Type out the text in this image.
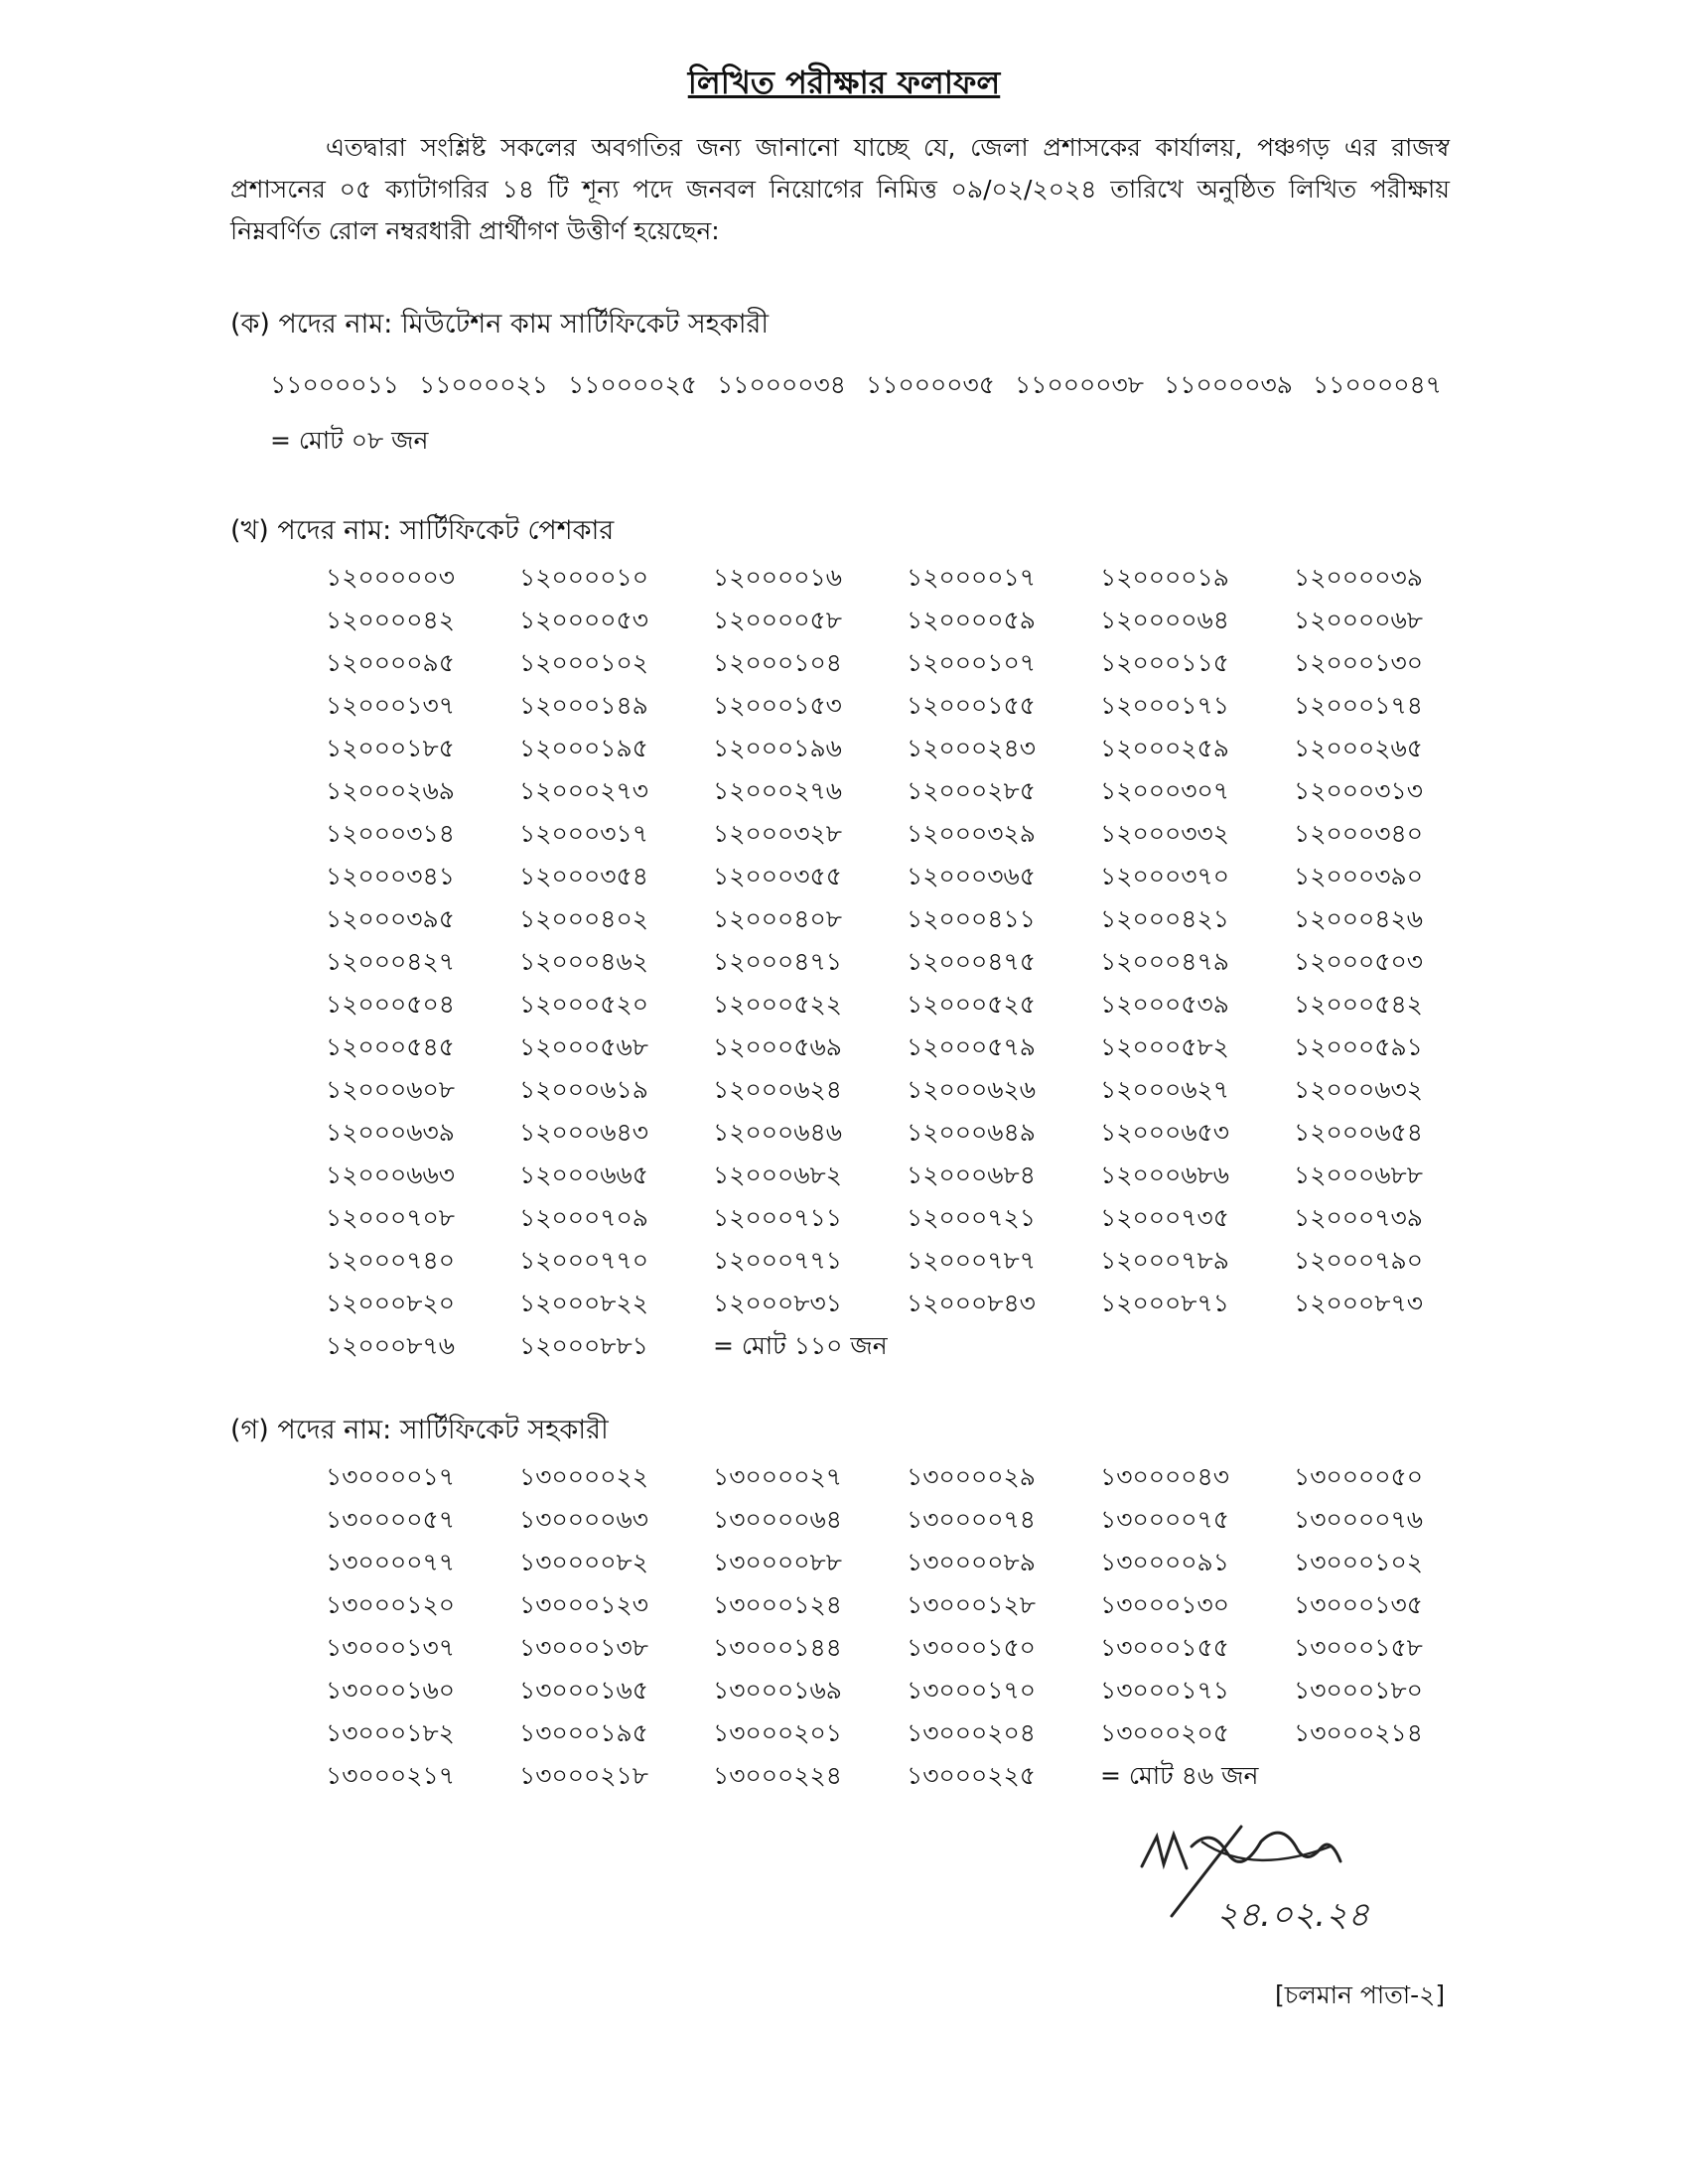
লিখিত পরীক্ষার ফলাফল
এতদ্বারা সংশ্লিষ্ট সকলের অবগতির জন্য জানানো যাচ্ছে যে, জেলা প্রশাসকের কার্যালয়, পঞ্চগড় এর রাজস্ব প্রশাসনের ০৫ ক্যাটাগরির ১৪ টি শূন্য পদে জনবল নিয়োগের নিমিত্ত ০৯/০২/২০২৪ তারিখে অনুষ্ঠিত লিখিত পরীক্ষায় নিম্নবর্ণিত রোল নম্বরধারী প্রার্থীগণ উত্তীর্ণ হয়েছেন:
(ক) পদের নাম: মিউটেশন কাম সার্টিফিকেট সহকারী
১১০০০০১১ ১১০০০০২১ ১১০০০০২৫ ১১০০০০৩৪ ১১০০০০৩৫ ১১০০০০৩৮ ১১০০০০৩৯ ১১০০০০৪৭
= মোট ০৮ জন
(খ) পদের নাম: সার্টিফিকেট পেশকার
১২০০০০০৩	১২০০০০১০	১২০০০০১৬	১২০০০০১৭	১২০০০০১৯	১২০০০০৩৯
১২০০০০৪২	১২০০০০৫৩	১২০০০০৫৮	১২০০০০৫৯	১২০০০০৬৪	১২০০০০৬৮
১২০০০০৯৫	১২০০০১০২	১২০০০১০৪	১২০০০১০৭	১২০০০১১৫	১২০০০১৩০
১২০০০১৩৭	১২০০০১৪৯	১২০০০১৫৩	১২০০০১৫৫	১২০০০১৭১	১২০০০১৭৪
১২০০০১৮৫	১২০০০১৯৫	১২০০০১৯৬	১২০০০২৪৩	১২০০০২৫৯	১২০০০২৬৫
১২০০০২৬৯	১২০০০২৭৩	১২০০০২৭৬	১২০০০২৮৫	১২০০০৩০৭	১২০০০৩১৩
১২০০০৩১৪	১২০০০৩১৭	১২০০০৩২৮	১২০০০৩২৯	১২০০০৩৩২	১২০০০৩৪০
১২০০০৩৪১	১২০০০৩৫৪	১২০০০৩৫৫	১২০০০৩৬৫	১২০০০৩৭০	১২০০০৩৯০
১২০০০৩৯৫	১২০০০৪০২	১২০০০৪০৮	১২০০০৪১১	১২০০০৪২১	১২০০০৪২৬
১২০০০৪২৭	১২০০০৪৬২	১২০০০৪৭১	১২০০০৪৭৫	১২০০০৪৭৯	১২০০০৫০৩
১২০০০৫০৪	১২০০০৫২০	১২০০০৫২২	১২০০০৫২৫	১২০০০৫৩৯	১২০০০৫৪২
১২০০০৫৪৫	১২০০০৫৬৮	১২০০০৫৬৯	১২০০০৫৭৯	১২০০০৫৮২	১২০০০৫৯১
১২০০০৬০৮	১২০০০৬১৯	১২০০০৬২৪	১২০০০৬২৬	১২০০০৬২৭	১২০০০৬৩২
১২০০০৬৩৯	১২০০০৬৪৩	১২০০০৬৪৬	১২০০০৬৪৯	১২০০০৬৫৩	১২০০০৬৫৪
১২০০০৬৬৩	১২০০০৬৬৫	১২০০০৬৮২	১২০০০৬৮৪	১২০০০৬৮৬	১২০০০৬৮৮
১২০০০৭০৮	১২০০০৭০৯	১২০০০৭১১	১২০০০৭২১	১২০০০৭৩৫	১২০০০৭৩৯
১২০০০৭৪০	১২০০০৭৭০	১২০০০৭৭১	১২০০০৭৮৭	১২০০০৭৮৯	১২০০০৭৯০
১২০০০৮২০	১২০০০৮২২	১২০০০৮৩১	১২০০০৮৪৩	১২০০০৮৭১	১২০০০৮৭৩
১২০০০৮৭৬	১২০০০৮৮১	= মোট ১১০ জন
(গ) পদের নাম: সার্টিফিকেট সহকারী
১৩০০০০১৭	১৩০০০০২২	১৩০০০০২৭	১৩০০০০২৯	১৩০০০০৪৩	১৩০০০০৫০
১৩০০০০৫৭	১৩০০০০৬৩	১৩০০০০৬৪	১৩০০০০৭৪	১৩০০০০৭৫	১৩০০০০৭৬
১৩০০০০৭৭	১৩০০০০৮২	১৩০০০০৮৮	১৩০০০০৮৯	১৩০০০০৯১	১৩০০০১০২
১৩০০০১২০	১৩০০০১২৩	১৩০০০১২৪	১৩০০০১২৮	১৩০০০১৩০	১৩০০০১৩৫
১৩০০০১৩৭	১৩০০০১৩৮	১৩০০০১৪৪	১৩০০০১৫০	১৩০০০১৫৫	১৩০০০১৫৮
১৩০০০১৬০	১৩০০০১৬৫	১৩০০০১৬৯	১৩০০০১৭০	১৩০০০১৭১	১৩০০০১৮০
১৩০০০১৮২	১৩০০০১৯৫	১৩০০০২০১	১৩০০০২০৪	১৩০০০২০৫	১৩০০০২১৪
১৩০০০২১৭	১৩০০০২১৮	১৩০০০২২৪	১৩০০০২২৫	= মোট ৪৬ জন
২৪.০২.২৪
[চলমান পাতা-২]
